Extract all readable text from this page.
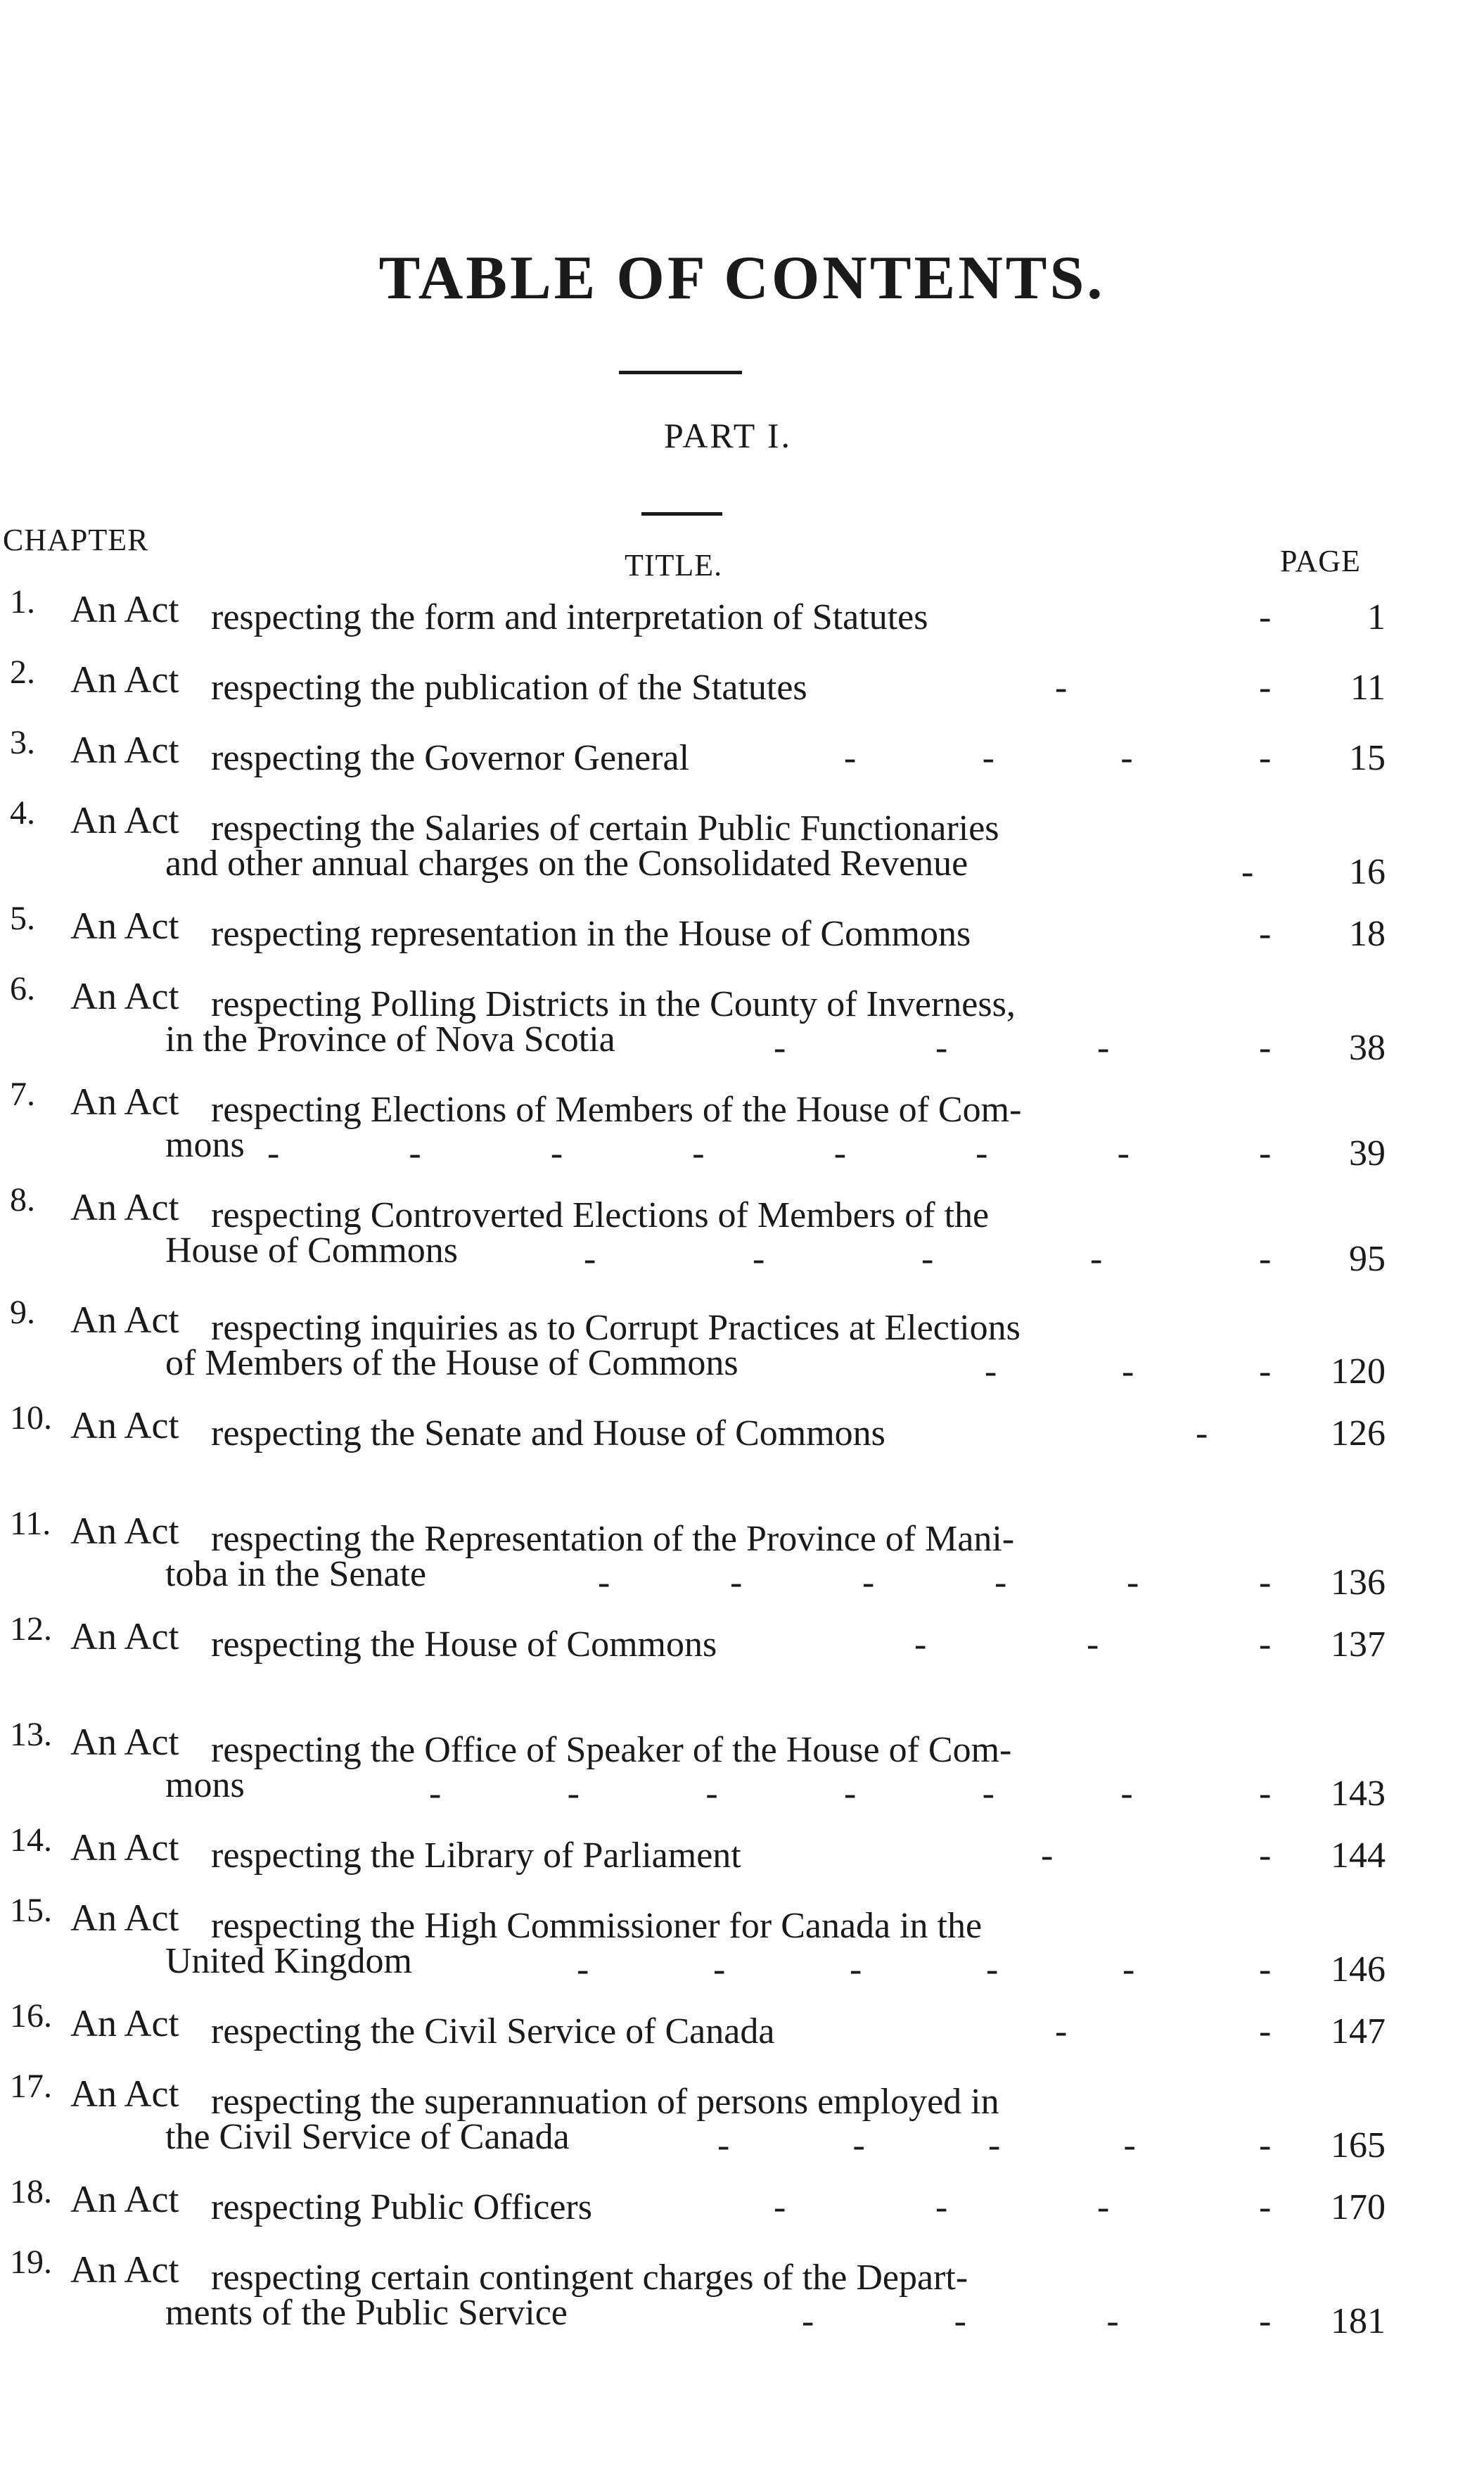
TABLE OF CONTENTS.
PART I.
CHAPTER
TITLE.	PAGE
1. An Act respecting the form and interpretation of Statutes	-	1
2. An Act respecting the publication of the Statutes	-	-	11
3. An Act respecting the Governor General	-	-	-	-	15
4. An Act respecting the Salaries of certain Public Functionaries
and other annual charges on the Consolidated Revenue	-	16
5. An Act respecting representation in the House of Commons	-	18
6. An Act respecting Polling Districts in the County of Inverness,
in the Province of Nova Scotia	-	-	-	-	38
7. An Act respecting Elections of Members of the House of Com-
mons -	-	-	-	-	-	-	-	39
8. An Act respecting Controverted Elections of Members of the
House of Commons	-	-	-	-	-	95
9. An Act respecting inquiries as to Corrupt Practices at Elections
of Members of the House of Commons	-	-	-	120
10. An Act respecting the Senate and House of Commons	-	126
11. An Act respecting the Representation of the Province of Mani-
toba in the Senate	-	-	-	-	-	-	136
12. An Act respecting the House of Commons	-	-	-	137
13. An Act respecting the Office of Speaker of the House of Com-
mons	-	-	-	-	-	-	-	143
14. An Act respecting the Library of Parliament	-	-	144
15. An Act respecting the High Commissioner for Canada in the
United Kingdom	-	-	-	-	-	-	146
16. An Act respecting the Civil Service of Canada	-	-	147
17. An Act respecting the superannuation of persons employed in
the Civil Service of Canada	-	-	-	-	-	165
18. An Act respecting Public Officers	-	-	-	-	170
19. An Act respecting certain contingent charges of the Depart-
ments of the Public Service	-	-	-	-	181
